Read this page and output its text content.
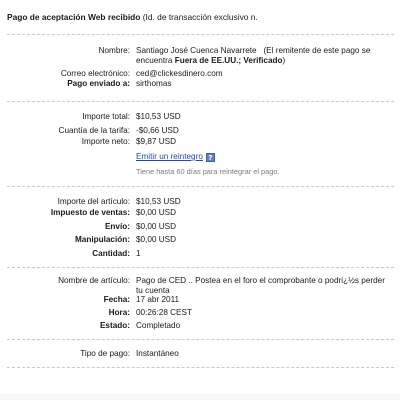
Pago de aceptación Web recibido (Id. de transacción exclusivo n.
Nombre: Santiago José Cuenca Navarrete (El remitente de este pago se encuentra Fuera de EE.UU.; Verificado)
Correo electrónico: ced@clickesdinero.com
Pago enviado a: sirthomas
Importe total: $10,53 USD
Cuantía de la tarifa: -$0,66 USD
Importe neto: $9,87 USD
Emitir un reintegro ?
Tiene hasta 60 días para reintegrar el pago.
Importe del artículo: $10,53 USD
Impuesto de ventas: $0,00 USD
Envío: $0,00 USD
Manipulación: $0,00 USD
Cantidad: 1
Nombre de artículo: Pago de CED .. Postea en el foro el comprobante o podri¿½s perder tu cuenta
Fecha: 17 abr 2011
Hora: 00:26:28 CEST
Estado: Completado
Tipo de pago: Instantáneo
